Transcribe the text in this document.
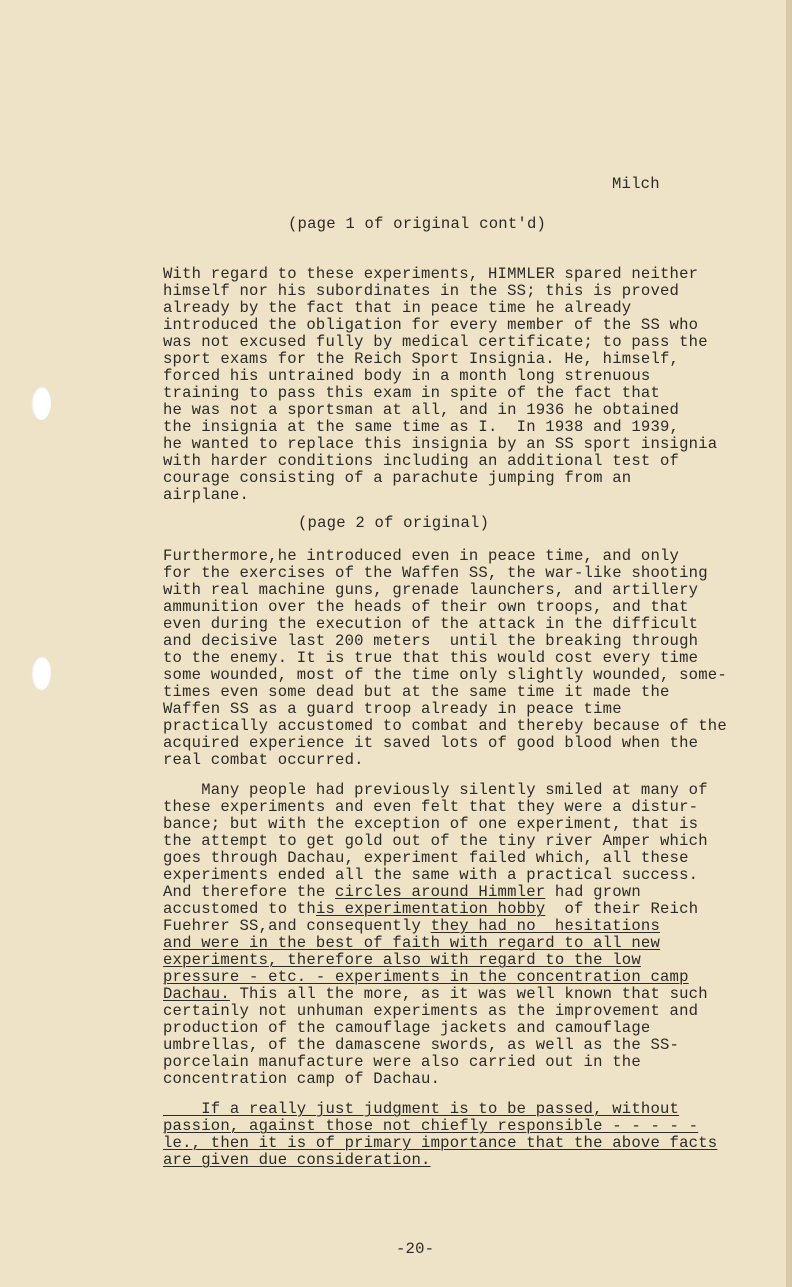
Milch
(page 1 of original cont'd)

With regard to these experiments, HIMMLER spared neither

himself nor his subordinates in the SS; this is proved

already by the fact that in peace time he already

introduced the obligation for every member of the SS who

was not excused fully by medical certificate; to pass the

sport exams for the Reich Sport Insignia. He, himself,

forced his untrained body in a month long strenuous

training to pass this exam in spite of the fact that

he was not a sportsman at all, and in 1936 he obtained

the insignia at the same time as I.  In 1938 and 1939,

he wanted to replace this insignia by an SS sport insignia

with harder conditions including an additional test of

courage consisting of a parachute jumping from an

airplane.

(page 2 of original)

Furthermore,he introduced even in peace time, and only

for the exercises of the Waffen SS, the war-like shooting

with real machine guns, grenade launchers, and artillery

ammunition over the heads of their own troops, and that

even during the execution of the attack in the difficult

and decisive last 200 meters  until the breaking through

to the enemy. It is true that this would cost every time

some wounded, most of the time only slightly wounded, some-

times even some dead but at the same time it made the

Waffen SS as a guard troop already in peace time

practically accustomed to combat and thereby because of the

acquired experience it saved lots of good blood when the

real combat occurred.

Many people had previously silently smiled at many of

these experiments and even felt that they were a distur-

bance; but with the exception of one experiment, that is

the attempt to get gold out of the tiny river Amper which

goes through Dachau, experiment failed which, all these

experiments ended all the same with a practical success.

And therefore the circles around Himmler had grown

accustomed to this experimentation hobby  of their Reich

Fuehrer SS,and consequently they had no  hesitations

and were in the best of faith with regard to all new

experiments, therefore also with regard to the low

pressure - etc. - experiments in the concentration camp

Dachau. This all the more, as it was well known that such

certainly not unhuman experiments as the improvement and

production of the camouflage jackets and camouflage

umbrellas, of the damascene swords, as well as the SS-

porcelain manufacture were also carried out in the

concentration camp of Dachau.

If a really just judgment is to be passed, without

passion, against those not chiefly responsible - - - - -

le., then it is of primary importance that the above facts

are given due consideration.

-20-
